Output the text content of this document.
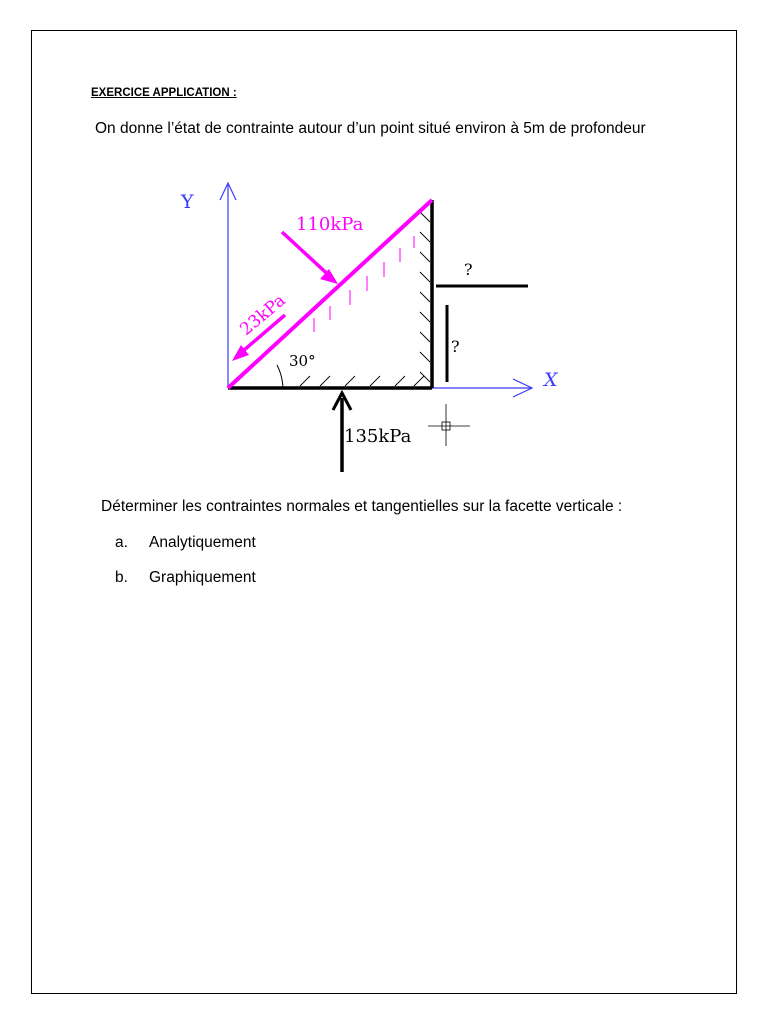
EXERCICE APPLICATION :
On donne l’état de contrainte autour d’un point situé environ à 5m de profondeur
Y
X
30°
110kPa
23kPa
135kPa
?
?
Déterminer les contraintes normales et tangentielles sur la facette verticale :
a. Analytiquement
b. Graphiquement
